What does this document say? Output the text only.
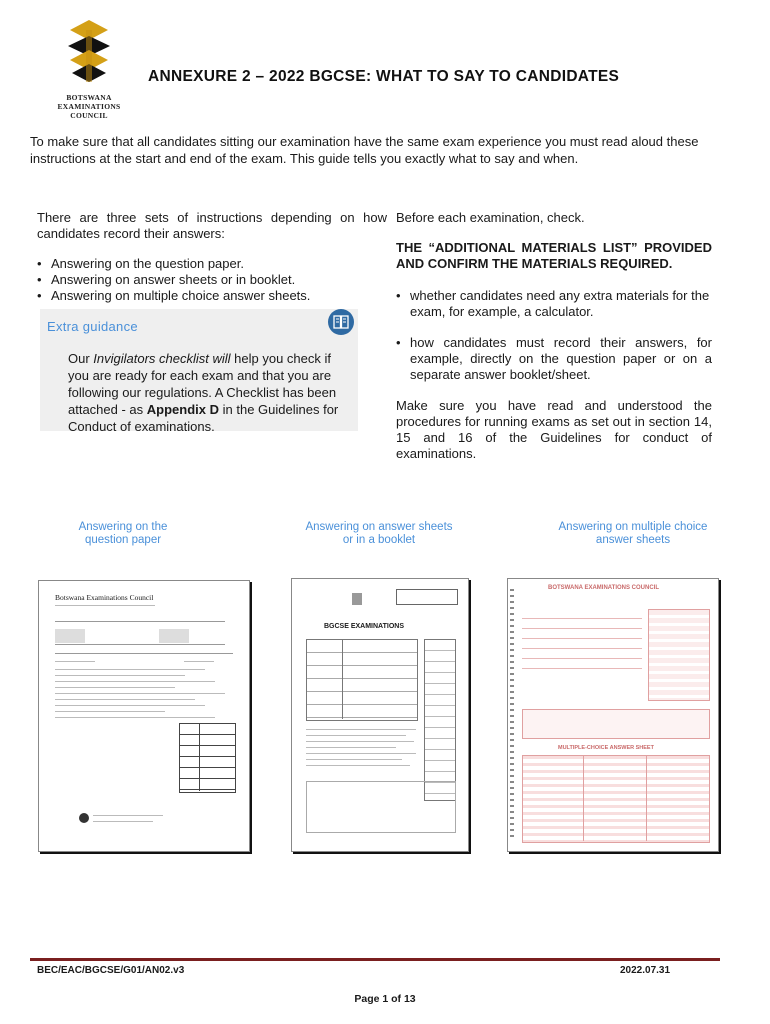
BOTSWANA
EXAMINATIONS
COUNCIL
ANNEXURE 2 – 2022 BGCSE: WHAT TO SAY TO CANDIDATES
To make sure that all candidates sitting our examination have the same exam experience you must read aloud these instructions at the start and end of the exam. This guide tells you exactly what to say and when.
There are three sets of instructions depending on how candidates record their answers:
• Answering on the question paper.
• Answering on answer sheets or in booklet.
• Answering on multiple choice answer sheets.
Extra guidance
Our Invigilators checklist will help you check if you are ready for each exam and that you are following our regulations. A Checklist has been attached - as Appendix D in the Guidelines for Conduct of examinations.
Before each examination, check.
THE “ADDITIONAL MATERIALS LIST” PROVIDED AND CONFIRM THE MATERIALS REQUIRED.
• whether candidates need any extra materials for the exam, for example, a calculator.
• how candidates must record their answers, for example, directly on the question paper or on a separate answer booklet/sheet.

Make sure you have read and understood the procedures for running exams as set out in section 14, 15 and 16 of the Guidelines for conduct of examinations.

Answering on the question paper
Answering on answer sheets or in a booklet
Answering on multiple choice answer sheets
Botswana Examinations Council
BGCSE EXAMINATIONS
BOTSWANA EXAMINATIONS COUNCIL
MULTIPLE-CHOICE ANSWER SHEET
BEC/EAC/BGCSE/G01/AN02.v3	2022.07.31
Page 1 of 13
